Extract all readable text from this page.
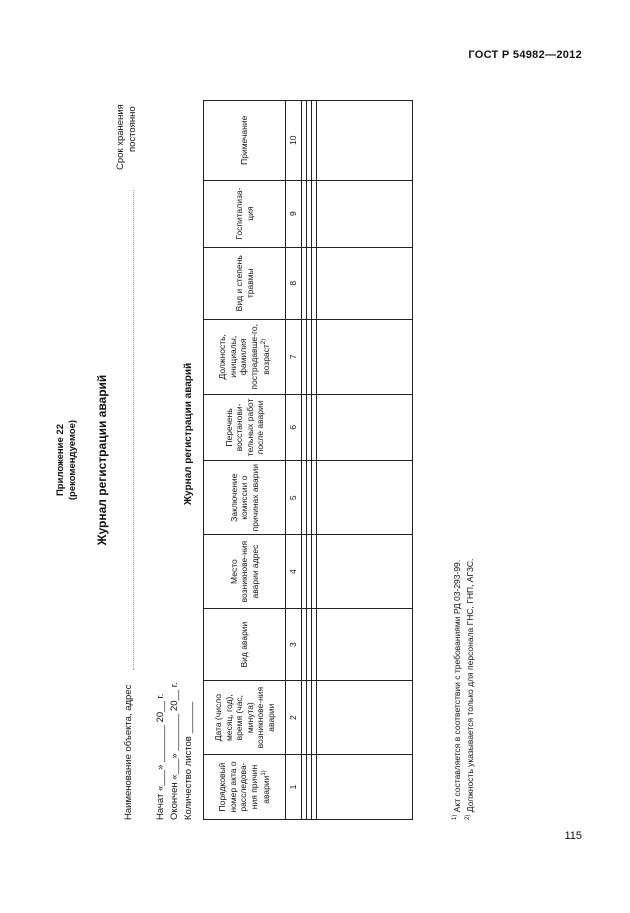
ГОСТ Р 54982—2012
Приложение 22 (рекомендуемое) Журнал регистрации аварий
Наименование объекта, адрес
Срок хранения постоянно
Начат «___» _______ 20__ г. Окончен «___» _______ 20__ г. Количество листов ______
Журнал регистрации аварий
Порядковый номер акта о расследова-ния причин аварии$^{1)}$	Дата (число месяц, год), время (час, минута) возникнове-ния аварии	Вид аварии	Место возникнове-ния аварии адрес	Заключение комиссии о причинах аварии	Перечень восстанови-тельных работ после аварии	Должность, инициалы, фамилия пострадавше-го, возраст$^{2)}$	Вид и степень травмы	Госпитализа-ция	Примечание
1	2	3	4	5	6	7	8	9	10

$^{1)}$ Акт составляется в соответствии с требованиями РД 03-293-99.
$^{2)}$ Должность указывается только для персонала ГНС, ГНП, АГЗС.
115
